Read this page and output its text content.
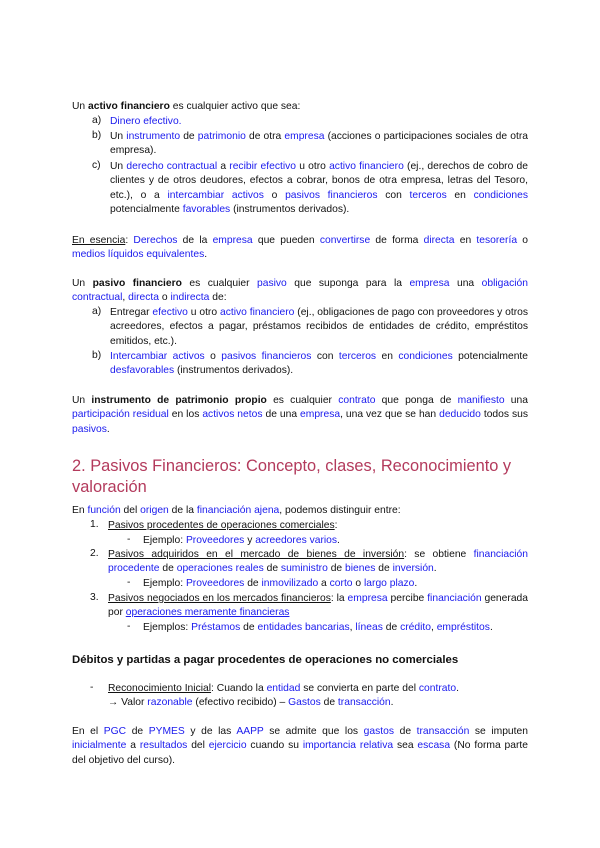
Un activo financiero es cualquier activo que sea:
a) Dinero efectivo.
b) Un instrumento de patrimonio de otra empresa (acciones o participaciones sociales de otra empresa).
c) Un derecho contractual a recibir efectivo u otro activo financiero (ej., derechos de cobro de clientes y de otros deudores, efectos a cobrar, bonos de otra empresa, letras del Tesoro, etc.), o a intercambiar activos o pasivos financieros con terceros en condiciones potencialmente favorables (instrumentos derivados).
En esencia: Derechos de la empresa que pueden convertirse de forma directa en tesorería o medios líquidos equivalentes.
Un pasivo financiero es cualquier pasivo que suponga para la empresa una obligación contractual, directa o indirecta de:
a) Entregar efectivo u otro activo financiero (ej., obligaciones de pago con proveedores y otros acreedores, efectos a pagar, préstamos recibidos de entidades de crédito, empréstitos emitidos, etc.).
b) Intercambiar activos o pasivos financieros con terceros en condiciones potencialmente desfavorables (instrumentos derivados).
Un instrumento de patrimonio propio es cualquier contrato que ponga de manifiesto una participación residual en los activos netos de una empresa, una vez que se han deducido todos sus pasivos.
2. Pasivos Financieros: Concepto, clases, Reconocimiento y valoración
En función del origen de la financiación ajena, podemos distinguir entre:
1. Pasivos procedentes de operaciones comerciales:
- Ejemplo: Proveedores y acreedores varios.
2. Pasivos adquiridos en el mercado de bienes de inversión: se obtiene financiación procedente de operaciones reales de suministro de bienes de inversión.
- Ejemplo: Proveedores de inmovilizado a corto o largo plazo.
3. Pasivos negociados en los mercados financieros: la empresa percibe financiación generada por operaciones meramente financieras
- Ejemplos: Préstamos de entidades bancarias, líneas de crédito, empréstitos.
Débitos y partidas a pagar procedentes de operaciones no comerciales
- Reconocimiento Inicial: Cuando la entidad se convierta en parte del contrato.
→ Valor razonable (efectivo recibido) – Gastos de transacción.
En el PGC de PYMES y de las AAPP se admite que los gastos de transacción se imputen inicialmente a resultados del ejercicio cuando su importancia relativa sea escasa (No forma parte del objetivo del curso).
